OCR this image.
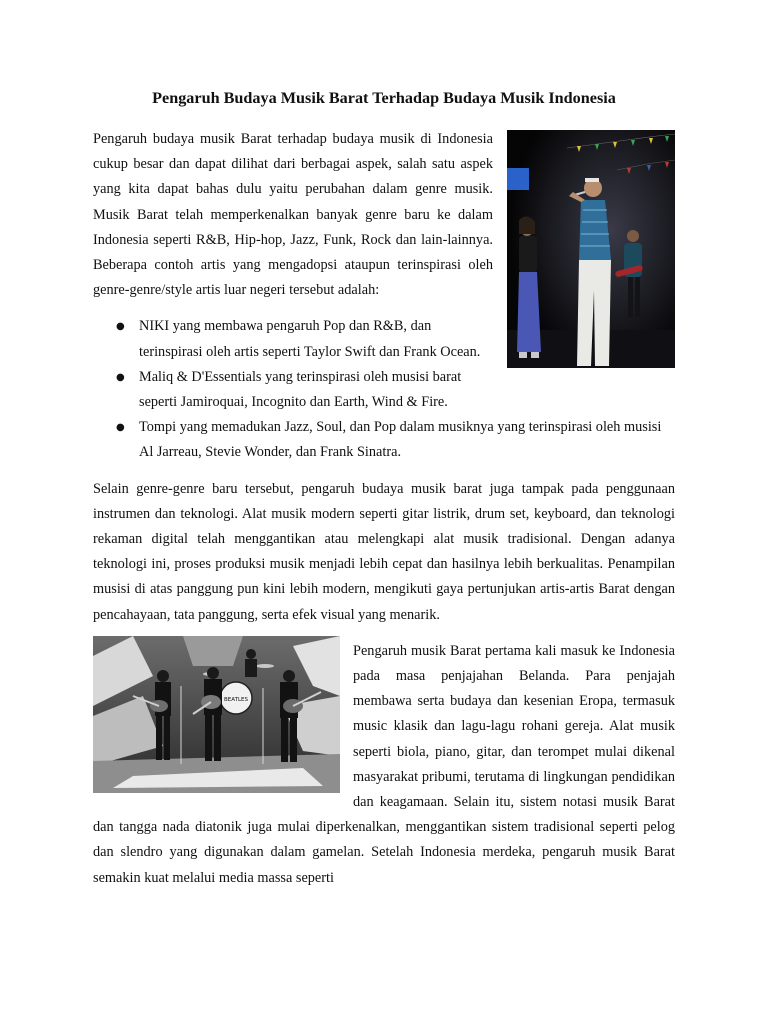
Pengaruh Budaya Musik Barat Terhadap Budaya Musik Indonesia

Pengaruh budaya musik Barat terhadap budaya musik di Indonesia cukup besar dan dapat dilihat dari berbagai aspek, salah satu aspek yang kita dapat bahas dulu yaitu perubahan dalam genre musik. Musik Barat telah memperkenalkan banyak genre baru ke dalam Indonesia seperti R&B, Hip-hop, Jazz, Funk, Rock dan lain-lainnya. Beberapa contoh artis yang mengadopsi ataupun terinspirasi oleh genre-genre/style artis luar negeri tersebut adalah:

● NIKI yang membawa pengaruh Pop dan R&B, dan terinspirasi oleh artis seperti Taylor Swift dan Frank Ocean.
● Maliq & D'Essentials yang terinspirasi oleh musisi barat seperti Jamiroquai, Incognito dan Earth, Wind & Fire.
● Tompi yang memadukan Jazz, Soul, dan Pop dalam musiknya yang terinspirasi oleh musisi Al Jarreau, Stevie Wonder, dan Frank Sinatra.

Selain genre-genre baru tersebut, pengaruh budaya musik barat juga tampak pada penggunaan instrumen dan teknologi. Alat musik modern seperti gitar listrik, drum set, keyboard, dan teknologi rekaman digital telah menggantikan atau melengkapi alat musik tradisional. Dengan adanya teknologi ini, proses produksi musik menjadi lebih cepat dan hasilnya lebih berkualitas. Penampilan musisi di atas panggung pun kini lebih modern, mengikuti gaya pertunjukan artis-artis Barat dengan pencahayaan, tata panggung, serta efek visual yang menarik.

BEATLES

Pengaruh musik Barat pertama kali masuk ke Indonesia pada masa penjajahan Belanda. Para penjajah membawa serta budaya dan kesenian Eropa, termasuk music klasik dan lagu-lagu rohani gereja. Alat musik seperti biola, piano, gitar, dan terompet mulai dikenal masyarakat pribumi, terutama di lingkungan pendidikan dan keagamaan. Selain itu, sistem notasi musik Barat dan tangga nada diatonik juga mulai diperkenalkan, menggantikan sistem tradisional seperti pelog dan slendro yang digunakan dalam gamelan. Setelah Indonesia merdeka, pengaruh musik Barat semakin kuat melalui media massa seperti
